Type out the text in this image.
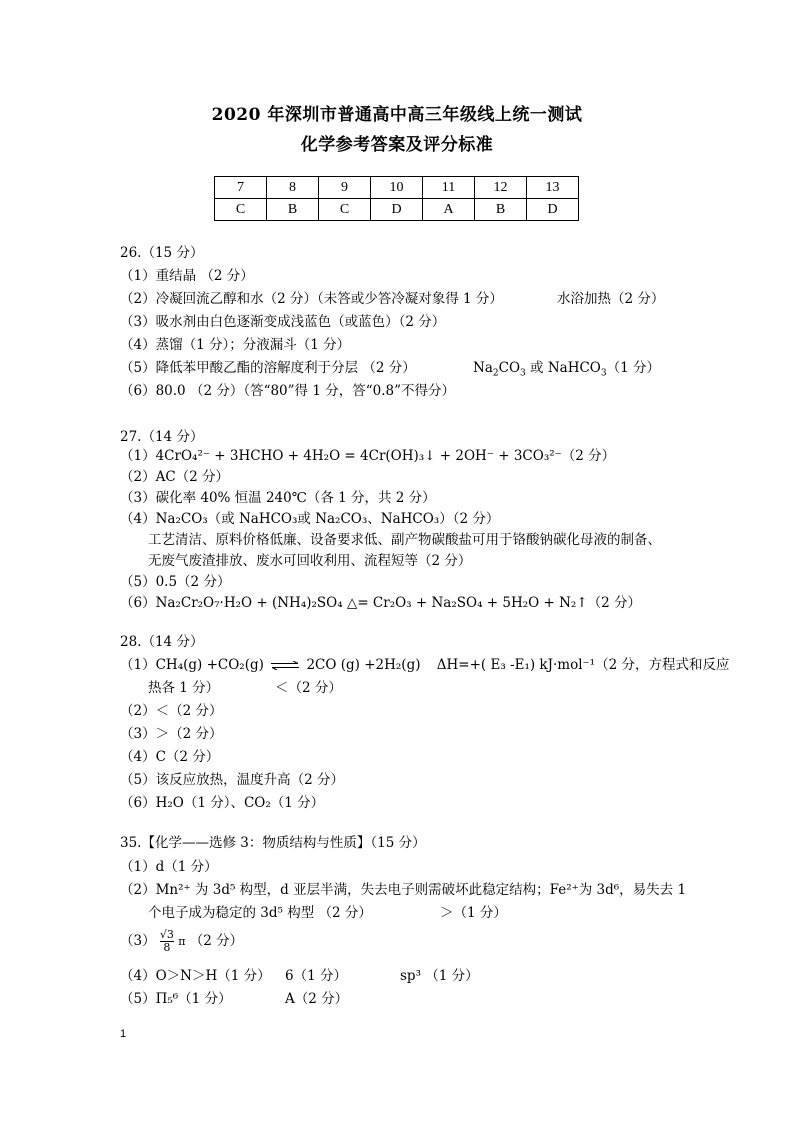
2020 年深圳市普通高中高三年级线上统一测试
化学参考答案及评分标准
7	8	9	10	11	12	13
C	B	C	D	A	B	D
26.（15 分）
（1）重结晶 （2 分）
（2）冷凝回流乙醇和水（2 分）（未答或少答冷凝对象得 1 分）	水浴加热（2 分）
（3）吸水剂由白色逐渐变成浅蓝色（或蓝色）（2 分）
（4）蒸馏（1 分）；分液漏斗（1 分）
（5）降低苯甲酸乙酯的溶解度利于分层 （2 分）	$Na_2CO_3$ 或 NaHCO$_3$（1 分）
（6）80.0 （2 分）（答“80”得 1 分，答“0.8”不得分）
27.（14 分）
（1）4CrO₄²⁻ + 3HCHO + 4H₂O = 4Cr(OH)₃↓ + 2OH⁻ + 3CO₃²⁻（2 分）
（2）AC（2 分）
（3）碳化率 40% 恒温 240℃（各 1 分，共 2 分）
（4）Na₂CO₃（或 NaHCO₃或 Na₂CO₃、NaHCO₃）（2 分）
工艺清洁、原料价格低廉、设备要求低、副产物碳酸盐可用于铬酸钠碳化母液的制备、
无废气废渣排放、废水可回收利用、流程短等（2 分）
（5）0.5（2 分）
（6）Na₂Cr₂O₇·H₂O + (NH₄)₂SO₄ △= Cr₂O₃ + Na₂SO₄ + 5H₂O + N₂↑（2 分）
28.（14 分）
（1）CH₄(g) +CO₂(g) ⇌ 2CO (g) +2H₂(g) ΔH=+( E₃ -E₁) kJ·mol⁻¹（2 分，方程式和反应
热各 1 分）	＜（2 分）
（2）＜（2 分）
（3）＞（2 分）
（4）C（2 分）
（5）该反应放热，温度升高（2 分）
（6）H₂O（1 分）、CO₂（1 分）
35.【化学——选修 3：物质结构与性质】（15 分）
（1）d（1 分）
（2）Mn²⁺ 为 3d⁵ 构型，d 亚层半满，失去电子则需破坏此稳定结构；Fe²⁺为 3d⁶，易失去 1
个电子成为稳定的 3d⁵ 构型 （2 分）	＞（1 分）
$(3) \frac{√3}{8}$ π （2 分）
（4）O＞N＞H（1 分） 6（1 分）	sp³ （1 分）
（5）Π₅⁶（1 分）	A（2 分）
1
